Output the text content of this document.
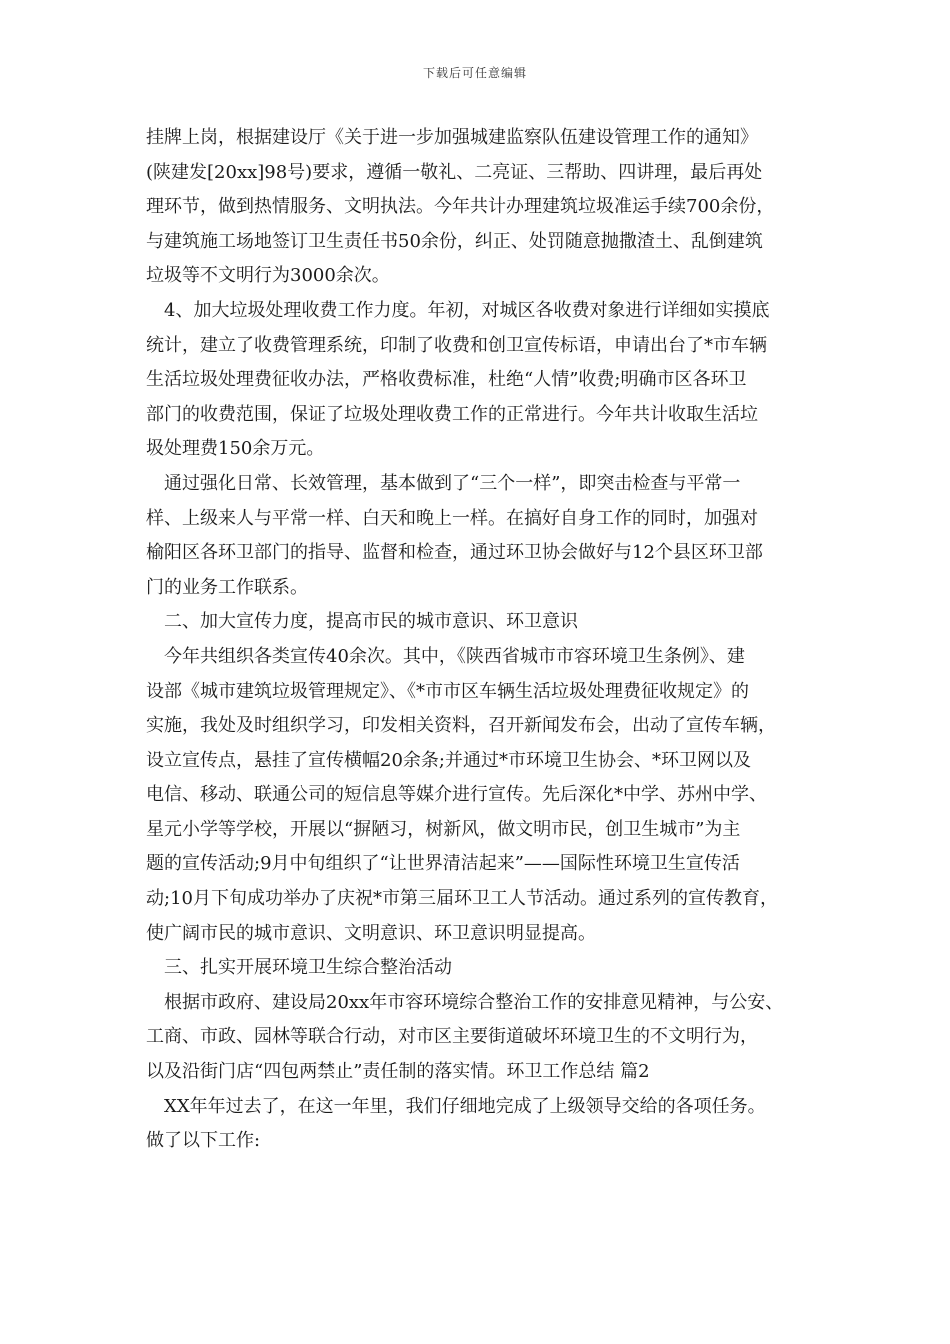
下载后可任意编辑
挂牌上岗，根据建设厅《关于进一步加强城建监察队伍建设管理工作的通知》
(陕建发[20xx]98号)要求，遵循一敬礼、二亮证、三帮助、四讲理，最后再处
理环节，做到热情服务、文明执法。今年共计办理建筑垃圾准运手续700余份，
与建筑施工场地签订卫生责任书50余份，纠正、处罚随意抛撒渣土、乱倒建筑
垃圾等不文明行为3000余次。
4、加大垃圾处理收费工作力度。年初，对城区各收费对象进行详细如实摸底
统计，建立了收费管理系统，印制了收费和创卫宣传标语，申请出台了*市车辆
生活垃圾处理费征收办法，严格收费标准，杜绝“人情”收费;明确市区各环卫
部门的收费范围，保证了垃圾处理收费工作的正常进行。今年共计收取生活垃
圾处理费150余万元。
通过强化日常、长效管理，基本做到了“三个一样”，即突击检查与平常一
样、上级来人与平常一样、白天和晚上一样。在搞好自身工作的同时，加强对
榆阳区各环卫部门的指导、监督和检查，通过环卫协会做好与12个县区环卫部
门的业务工作联系。
二、加大宣传力度，提高市民的城市意识、环卫意识
今年共组织各类宣传40余次。其中，《陕西省城市市容环境卫生条例》、建
设部《城市建筑垃圾管理规定》、《*市市区车辆生活垃圾处理费征收规定》的
实施，我处及时组织学习，印发相关资料，召开新闻发布会，出动了宣传车辆，
设立宣传点，悬挂了宣传横幅20余条;并通过*市环境卫生协会、*环卫网以及
电信、移动、联通公司的短信息等媒介进行宣传。先后深化*中学、苏州中学、
星元小学等学校，开展以“摒陋习，树新风，做文明市民，创卫生城市”为主
题的宣传活动;9月中旬组织了“让世界清洁起来”——国际性环境卫生宣传活
动;10月下旬成功举办了庆祝*市第三届环卫工人节活动。通过系列的宣传教育，
使广阔市民的城市意识、文明意识、环卫意识明显提高。
三、扎实开展环境卫生综合整治活动
根据市政府、建设局20xx年市容环境综合整治工作的安排意见精神，与公安、
工商、市政、园林等联合行动，对市区主要街道破坏环境卫生的不文明行为，
以及沿街门店“四包两禁止”责任制的落实情。环卫工作总结 篇2
XX年年过去了，在这一年里，我们仔细地完成了上级领导交给的各项任务。
做了以下工作:
